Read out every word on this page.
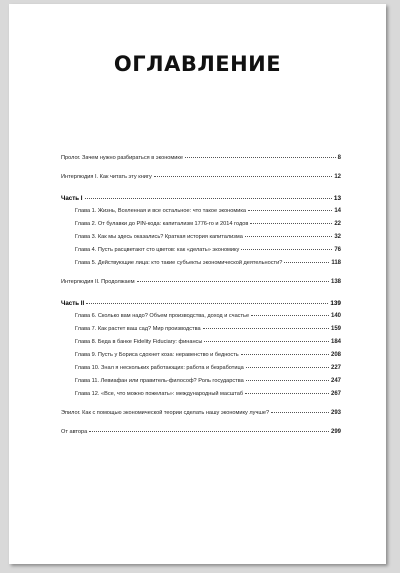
ОГЛАВЛЕНИЕ
Пролог. Зачем нужно разбираться в экономике	8
Интерлюдия I. Как читать эту книгу	12
Часть I	13
Глава 1. Жизнь, Вселенная и все остальное: что такое экономика	14
Глава 2. От булавки до PIN-кода: капитализм 1776-го и 2014 годов	22
Глава 3. Как мы здесь оказались? Краткая история капитализма	32
Глава 4. Пусть расцветают сто цветов: как «делать» экономику	76
Глава 5. Действующие лица: кто такие субъекты экономической деятельности?	118
Интерлюдия II. Продолжаем	138
Часть II	139
Глава 6. Сколько вам надо? Объем производства, доход и счастье	140
Глава 7. Как растет ваш сад? Мир производства	159
Глава 8. Беда в банке Fidelity Fiduciary: финансы	184
Глава 9. Пусть у Бориса сдохнет коза: неравенство и бедность	208
Глава 10. Знал я нескольких работающих: работа и безработица	227
Глава 11. Левиафан или правитель-философ? Роль государства	247
Глава 12. «Все, что можно пожелать»: международный масштаб	267
Эпилог. Как с помощью экономической теории сделать нашу экономику лучше?	293
От автора	299
